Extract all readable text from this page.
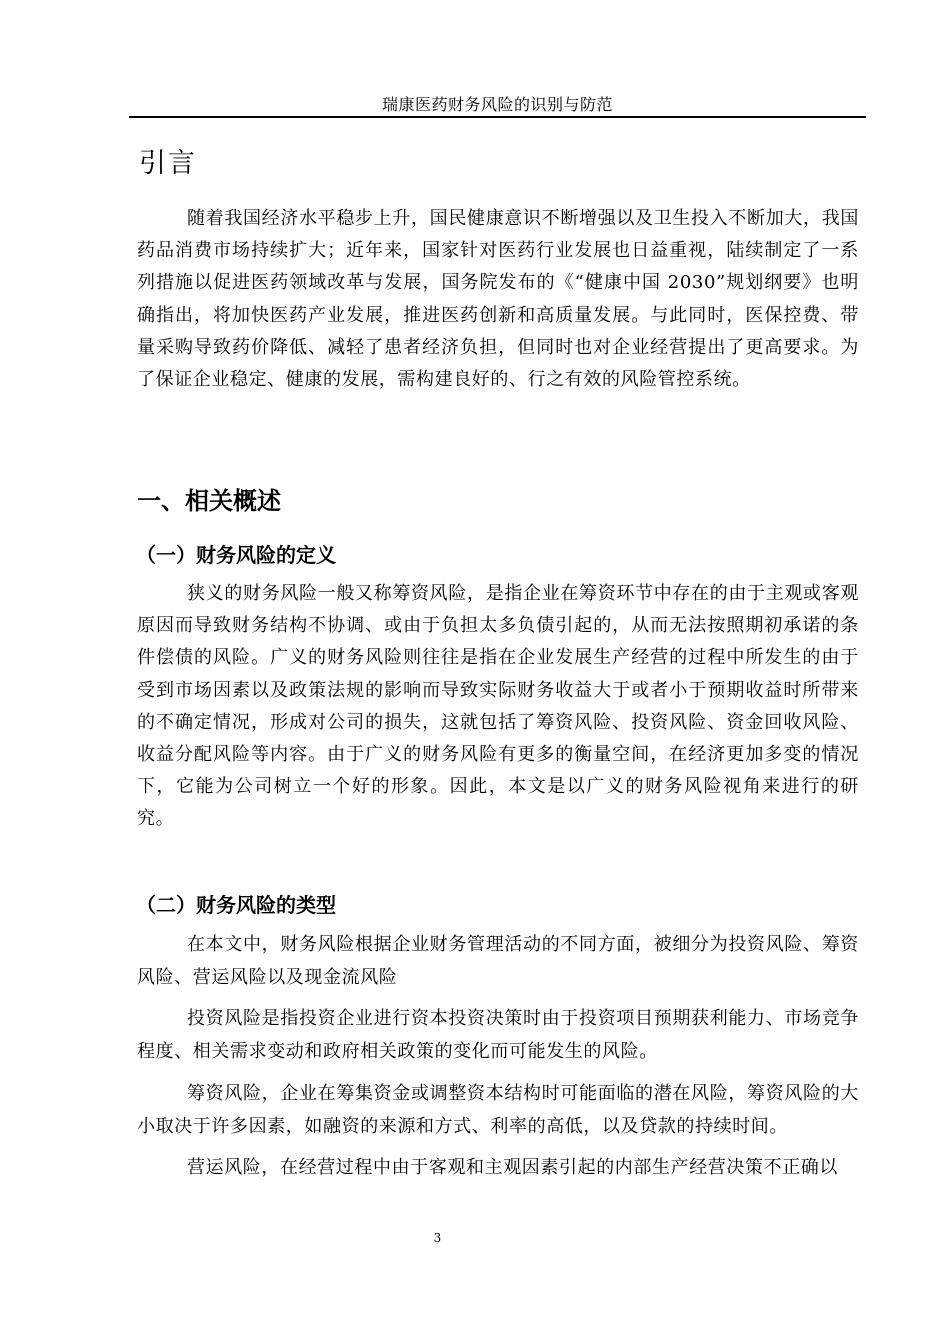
瑞康医药财务风险的识别与防范
引言

随着我国经济水平稳步上升，国民健康意识不断增强以及卫生投入不断加大，我国药品消费市场持续扩大；近年来，国家针对医药行业发展也日益重视，陆续制定了一系列措施以促进医药领域改革与发展，国务院发布的《“健康中国 2030”规划纲要》也明确指出，将加快医药产业发展，推进医药创新和高质量发展。与此同时，医保控费、带量采购导致药价降低、减轻了患者经济负担，但同时也对企业经营提出了更高要求。为了保证企业稳定、健康的发展，需构建良好的、行之有效的风险管控系统。

一、相关概述
（一）财务风险的定义

狭义的财务风险一般又称筹资风险，是指企业在筹资环节中存在的由于主观或客观原因而导致财务结构不协调、或由于负担太多负债引起的，从而无法按照期初承诺的条件偿债的风险。广义的财务风险则往往是指在企业发展生产经营的过程中所发生的由于受到市场因素以及政策法规的影响而导致实际财务收益大于或者小于预期收益时所带来的不确定情况，形成对公司的损失，这就包括了筹资风险、投资风险、资金回收风险、收益分配风险等内容。由于广义的财务风险有更多的衡量空间，在经济更加多变的情况下，它能为公司树立一个好的形象。因此，本文是以广义的财务风险视角来进行的研究。

（二）财务风险的类型

在本文中，财务风险根据企业财务管理活动的不同方面，被细分为投资风险、筹资风险、营运风险以及现金流风险

投资风险是指投资企业进行资本投资决策时由于投资项目预期获利能力、市场竞争程度、相关需求变动和政府相关政策的变化而可能发生的风险。

筹资风险，企业在筹集资金或调整资本结构时可能面临的潜在风险，筹资风险的大小取决于许多因素，如融资的来源和方式、利率的高低，以及贷款的持续时间。

营运风险，在经营过程中由于客观和主观因素引起的内部生产经营决策不正确以

3
